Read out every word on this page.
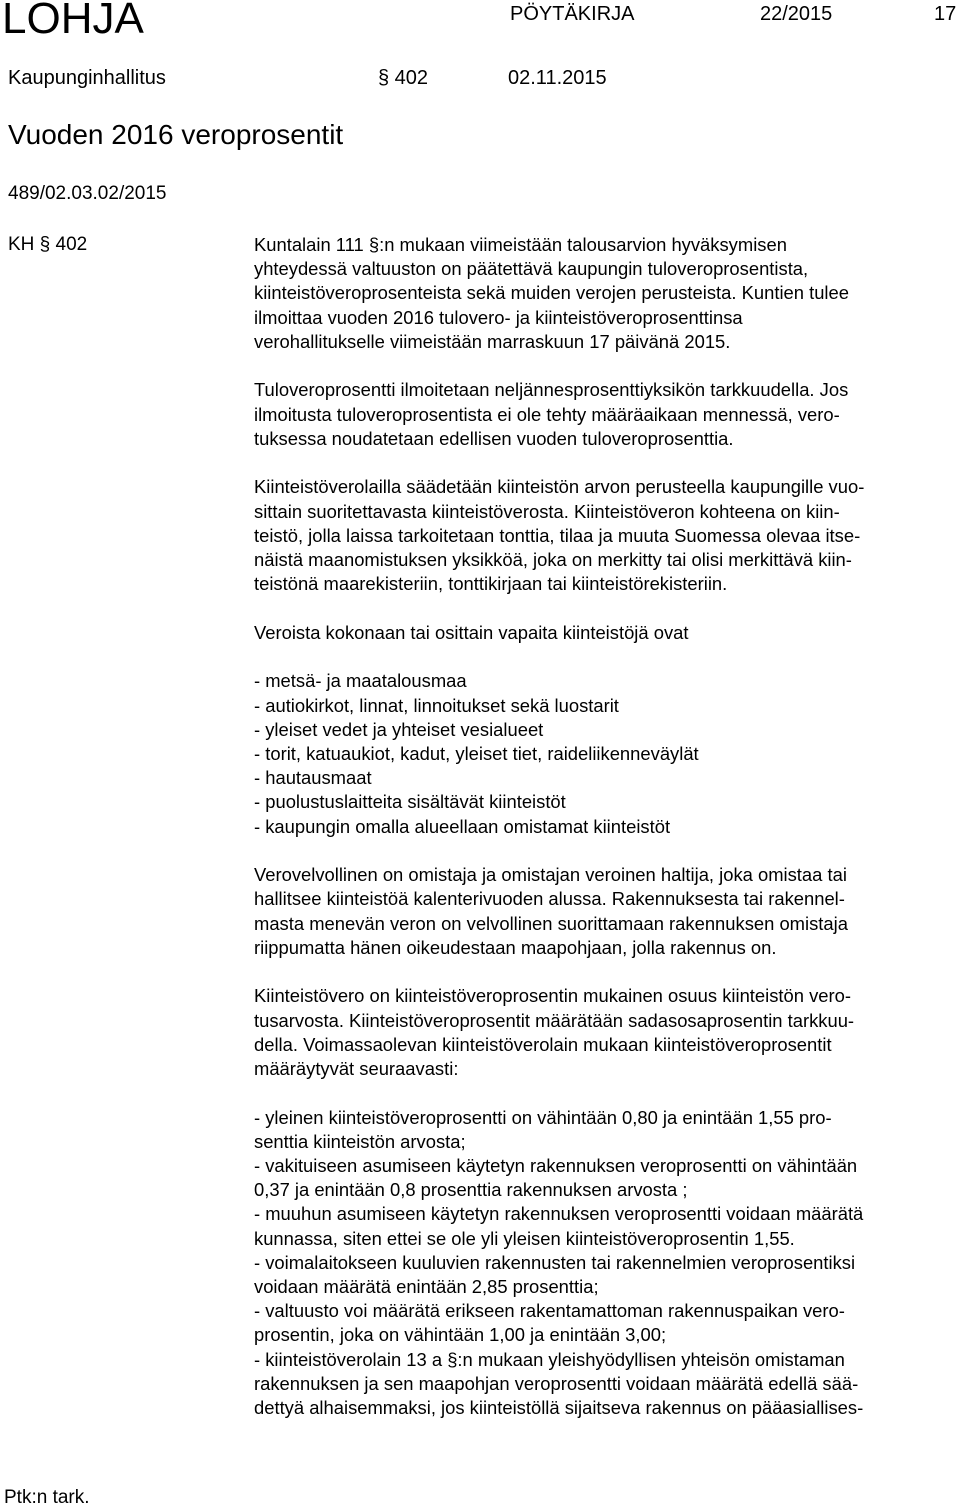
LOHJA	PÖYTÄKIRJA	22/2015	17
Kaupunginhallitus	§ 402	02.11.2015
Vuoden 2016 veroprosentit
489/02.03.02/2015
KH § 402	Kuntalain 111 §:n mukaan viimeistään talousarvion hyväksymisen
yhteydessä valtuuston on päätettävä kaupungin tuloveroprosentista,
kiinteistöveroprosenteista sekä muiden verojen perusteista. Kuntien tulee
ilmoittaa vuoden 2016 tulovero- ja kiinteistöveroprosenttinsa
verohallitukselle viimeistään marraskuun 17 päivänä 2015.
Tuloveroprosentti ilmoitetaan neljännesprosenttiyksikön tarkkuudella. Jos
ilmoitusta tuloveroprosentista ei ole tehty määräaikaan mennessä, vero-
tuksessa noudatetaan edellisen vuoden tuloveroprosenttia.
Kiinteistöverolailla säädetään kiinteistön arvon perusteella kaupungille vuo-
sittain suoritettavasta kiinteistöverosta. Kiinteistöveron kohteena on kiin-
teistö, jolla laissa tarkoitetaan tonttia, tilaa ja muuta Suomessa olevaa itse-
näistä maanomistuksen yksikköä, joka on merkitty tai olisi merkittävä kiin-
teistönä maarekisteriin, tonttikirjaan tai kiinteistörekisteriin.
Veroista kokonaan tai osittain vapaita kiinteistöjä ovat
- metsä- ja maatalousmaa
- autiokirkot, linnat, linnoitukset sekä luostarit
- yleiset vedet ja yhteiset vesialueet
- torit, katuaukiot, kadut, yleiset tiet, raideliikenneväylät
- hautausmaat
- puolustuslaitteita sisältävät kiinteistöt
- kaupungin omalla alueellaan omistamat kiinteistöt
Verovelvollinen on omistaja ja omistajan veroinen haltija, joka omistaa tai
hallitsee kiinteistöä kalenterivuoden alussa. Rakennuksesta tai rakennel-
masta menevän veron on velvollinen suorittamaan rakennuksen omistaja
riippumatta hänen oikeudestaan maapohjaan, jolla rakennus on.
Kiinteistövero on kiinteistöveroprosentin mukainen osuus kiinteistön vero-
tusarvosta. Kiinteistöveroprosentit määrätään sadasosaprosentin tarkkuu-
della. Voimassaolevan kiinteistöverolain mukaan kiinteistöveroprosentit
määräytyvät seuraavasti:
- yleinen kiinteistöveroprosentti on vähintään 0,80 ja enintään 1,55 pro-
senttia kiinteistön arvosta;
- vakituiseen asumiseen käytetyn rakennuksen veroprosentti on vähintään
0,37 ja enintään 0,8 prosenttia rakennuksen arvosta ;
- muuhun asumiseen käytetyn rakennuksen veroprosentti voidaan määrätä
kunnassa, siten ettei se ole yli yleisen kiinteistöveroprosentin 1,55.
- voimalaitokseen kuuluvien rakennusten tai rakennelmien veroprosentiksi
voidaan määrätä enintään 2,85 prosenttia;
- valtuusto voi määrätä erikseen rakentamattoman rakennuspaikan vero-
prosentin, joka on vähintään 1,00 ja enintään 3,00;
- kiinteistöverolain 13 a §:n mukaan yleishyödyllisen yhteisön omistaman
rakennuksen ja sen maapohjan veroprosentti voidaan määrätä edellä sää-
dettyä alhaisemmaksi, jos kiinteistöllä sijaitseva rakennus on pääasiallises-
Ptk:n tark.
